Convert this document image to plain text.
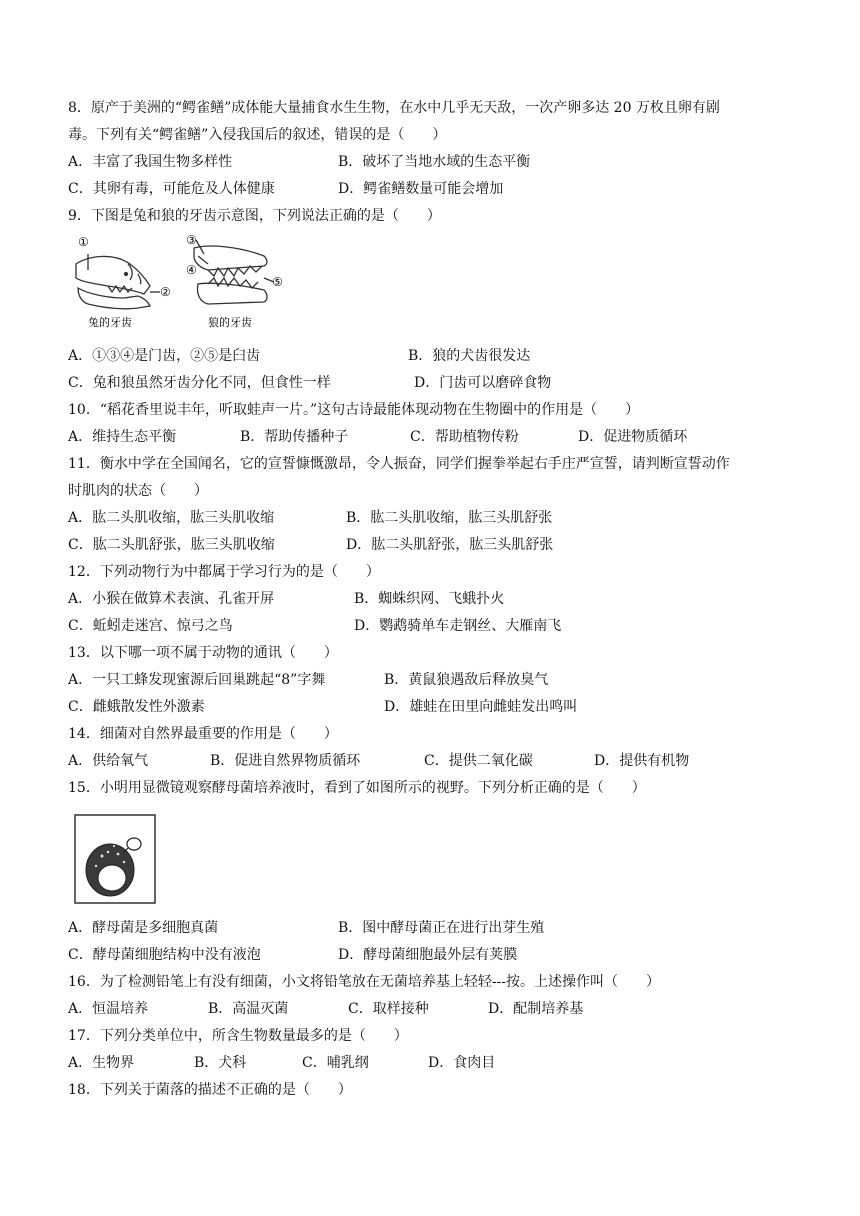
8．原产于美洲的“鳄雀鳝”成体能大量捕食水生生物，在水中几乎无天敌，一次产卵多达 20 万枚且卵有剧
毒。下列有关“鳄雀鳝”入侵我国后的叙述，错误的是（　　）
A．丰富了我国生物多样性	B．破坏了当地水域的生态平衡
C．其卵有毒，可能危及人体健康	D．鳄雀鳝数量可能会增加
9．下图是兔和狼的牙齿示意图，下列说法正确的是（　　）
①
②
兔的牙齿
③
④
⑤
狼的牙齿
A．①③④是门齿，②⑤是臼齿	B．狼的犬齿很发达
C．兔和狼虽然牙齿分化不同，但食性一样	D．门齿可以磨碎食物
10．“稻花香里说丰年，听取蛙声一片。”这句古诗最能体现动物在生物圈中的作用是（　　）
A．维持生态平衡	B．帮助传播种子	C．帮助植物传粉	D．促进物质循环
11．衡水中学在全国闻名，它的宣誓慷慨激昂，令人振奋，同学们握拳举起右手庄严宣誓，请判断宣誓动作
时肌肉的状态（　　）
A．肱二头肌收缩，肱三头肌收缩	B．肱二头肌收缩，肱三头肌舒张
C．肱二头肌舒张，肱三头肌收缩	D．肱二头肌舒张，肱三头肌舒张
12．下列动物行为中都属于学习行为的是（　　）
A．小猴在做算术表演、孔雀开屏	B．蜘蛛织网、飞蛾扑火
C．蚯蚓走迷宫、惊弓之鸟	D．鹦鹉骑单车走钢丝、大雁南飞
13．以下哪一项不属于动物的通讯（　　）
A．一只工蜂发现蜜源后回巢跳起“8”字舞	B．黄鼠狼遇敌后释放臭气
C．雌蛾散发性外激素	D．雄蛙在田里向雌蛙发出鸣叫
14．细菌对自然界最重要的作用是（　　）
A．供给氧气	B．促进自然界物质循环	C．提供二氧化碳	D．提供有机物
15．小明用显微镜观察酵母菌培养液时，看到了如图所示的视野。下列分析正确的是（　　）
A．酵母菌是多细胞真菌	B．图中酵母菌正在进行出芽生殖
C．酵母菌细胞结构中没有液泡	D．酵母菌细胞最外层有荚膜
16．为了检测铅笔上有没有细菌，小文将铅笔放在无菌培养基上轻轻---按。上述操作叫（　　）
A．恒温培养	B．高温灭菌	C．取样接种	D．配制培养基
17．下列分类单位中，所含生物数量最多的是（　　）
A．生物界	B．犬科	C．哺乳纲	D．食肉目
18．下列关于菌落的描述不正确的是（　　）
